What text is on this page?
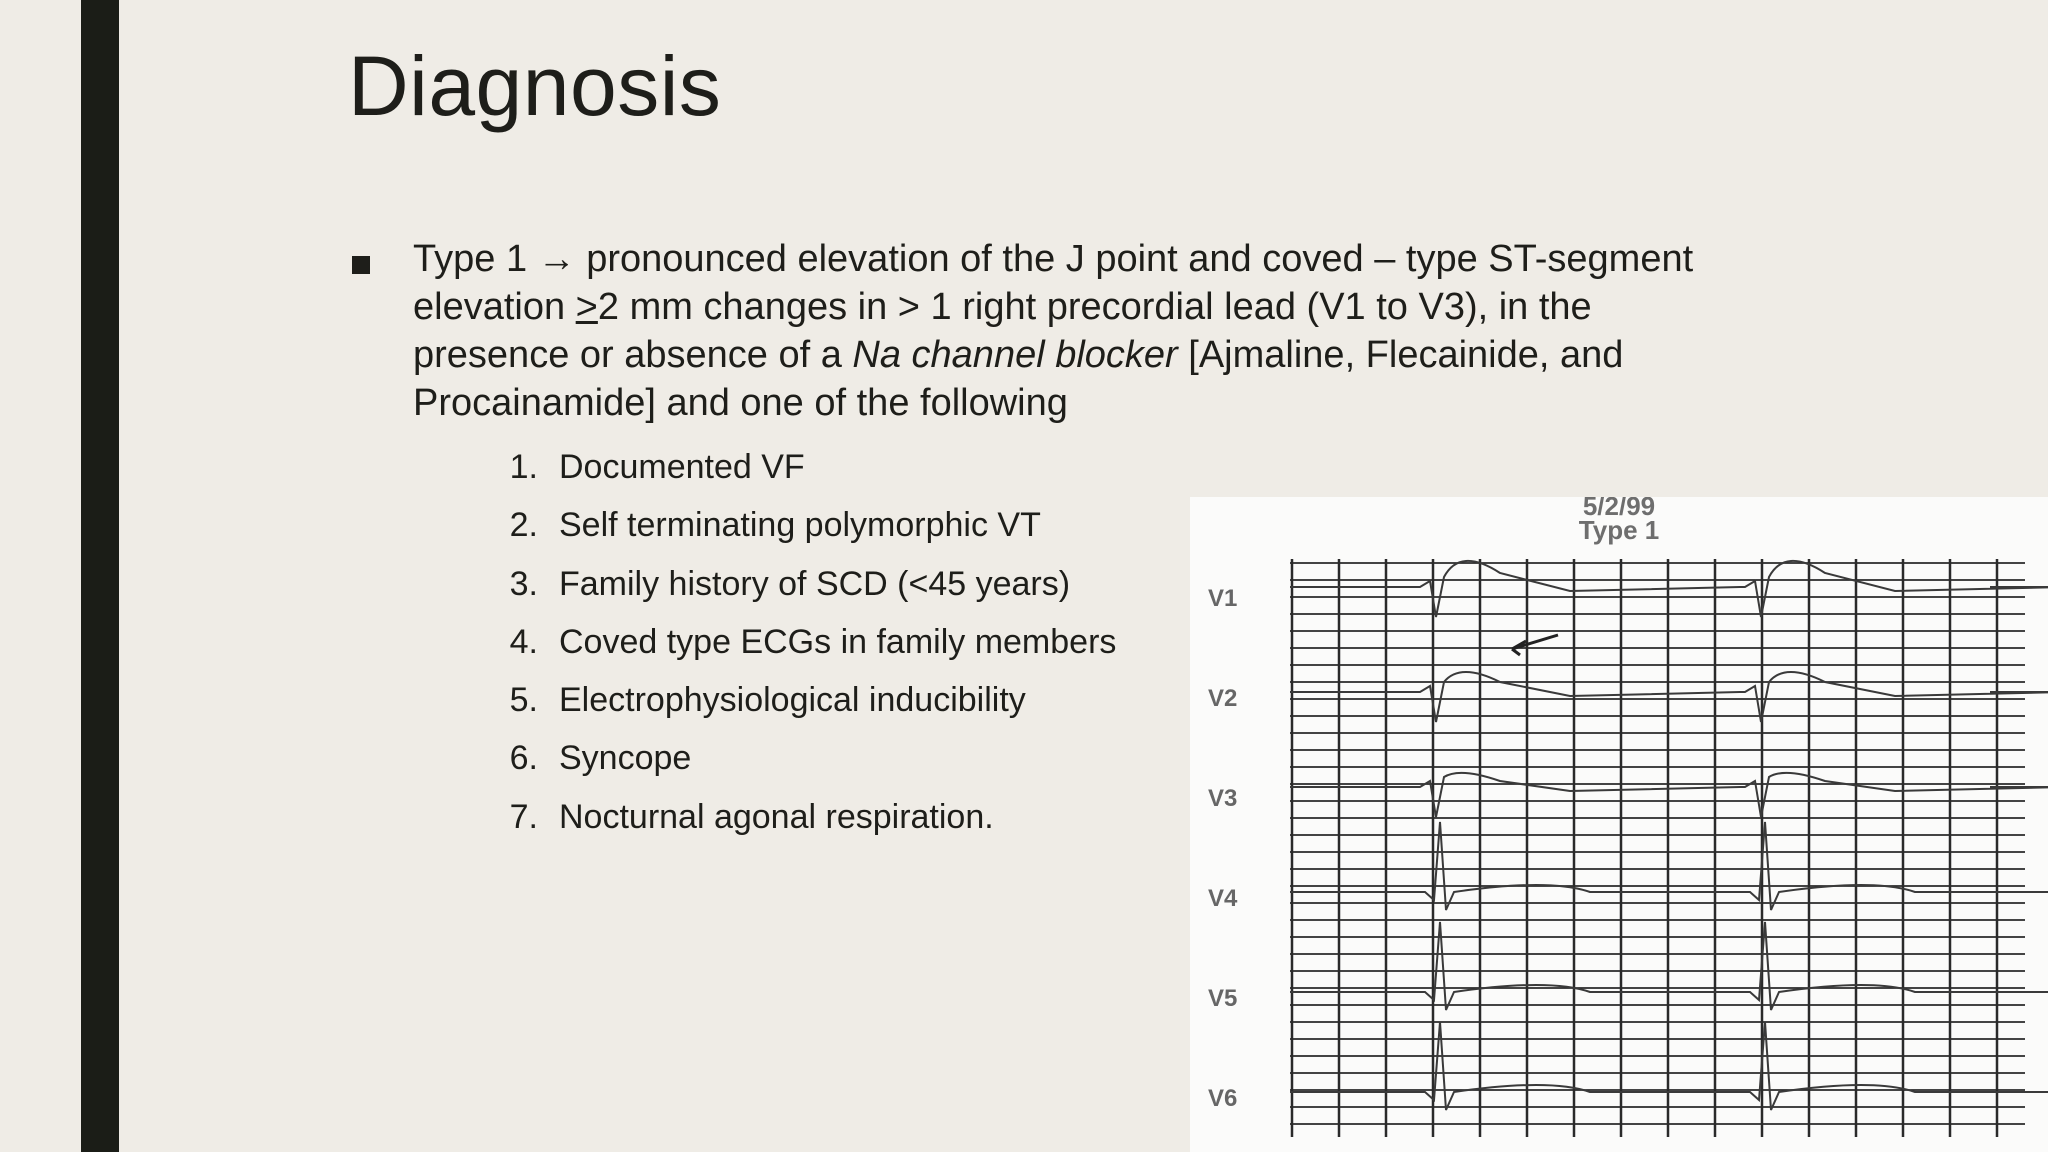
Diagnosis

Type 1 → pronounced elevation of the J point and coved – type ST-segment elevation ≥2 mm changes in > 1 right precordial lead (V1 to V3), in the presence or absence of a Na channel blocker [Ajmaline, Flecainide, and Procainamide] and one of the following

1. Documented VF
2. Self terminating polymorphic VT
3. Family history of SCD (<45 years)
4. Coved type ECGs in family members
5. Electrophysiological inducibility
6. Syncope
7. Nocturnal agonal respiration.
5/2/99
Type 1
V1
V2
V3
V4
V5
V6
